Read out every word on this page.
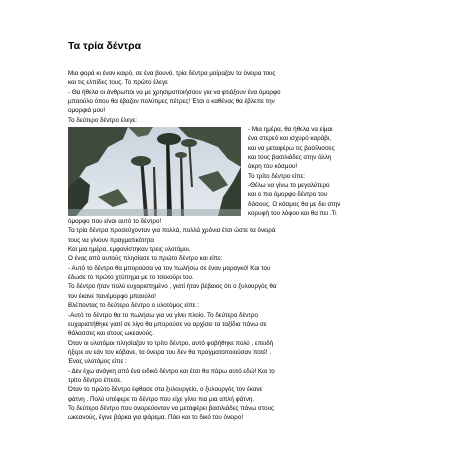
Τα τρία δέντρα
Μια φορά κι έναν καιρό, σε ένα βουνό, τρία δέντρα μοίραζαν τα όνειρα τους
και τις ελπίδες τους. Το πρώτο έλεγε
- Θα ήθελα οι άνθρωποι να με χρησιμοποιήσουν για να φτιάξουν ένα όμορφο
μπαούλο όπου θα έβαζαν πολύτιμες πέτρες! Έτσι ο καθένας θα έβλεπε την
ομορφιά μου!
Το δεύτερο δέντρο έλεγε:
- Μια ημέρα, θα ήθελα να είμαι
ένα στερεό και ισχυρό καράβι,
και να μεταφέρω τις βασίλισσες
και τους βασιλιάδες στην άλλη
άκρη του κόσμου!
Το τρίτο δέντρο είπε:
-Θέλω να γίνω το μεγαλύτερο
και ο πιο όμορφο δέντρο του
δάσους. Ο κόσμος θα με δει στην
κορυφή του λόφου και θα πει .Τι
όμορφο που είναι αυτό το δέντρο!
Τα τρία δέντρα προσεύχονταν για πολλά, πολλά χρόνια έτσι ώστε τα όνειρά
τους να γίνουν πραγματικότητα
Και μια ημέρα, εμφανίστηκαν τρεις υλοτόμοι.
Ο ένας από αυτούς πλησίασε το πρώτο δέντρο και είπε:
- Αυτό το δέντρο θα μπορούσα να τον πωλήσω σε έναν μαραγκό! Και του
έδωσε το πρώτο χτύπημα με το τσεκούρι του.
Το δέντρο ήταν πολύ ευχαριστημένο , γιατί ήταν βέβαιος ότι ο ξυλουργός θα
τον έκανε πανέμορφο μπαούλο!
Βλέποντας το δεύτερο δέντρο ο υλοτόμος είπε :
-Αυτό το δέντρο θα το πωλήσω για να γίνει πλοίο. Το δεύτερο δέντρο
ευχαριστήθηκε γιατί σε λίγο θα μπορούσε να αρχίσει τα ταξίδια πάνω σε
θάλασσες και στους ωκεανούς.
Όταν οι υλοτόμοι πλησίαζαν το τρίτο δέντρο, αυτό φοβήθηκε πολύ , επειδή
ήξερε αν εάν τον κόβανε, τα όνειρα του δεν θα πραγματοποιούσαν ποτέ! .
Ένας υλοτόμος είπε :
- Δεν έχω ανάγκη από ένα ειδικό δέντρο και έτσι θα πάρω αυτό εδώ! Και το
τρίτο δέντρο έπεσε.
Όταν το πρώτο δέντρο έφθασε στα ξυλουργείο, ο ξυλουργός τον έκανε
φάτνη . Πολύ υπέφερε το δέντρο που είχε γίνει πια μια απλή φάτνη.
Το δεύτερο δέντρο που ονειρεύονταν να μεταφέρει βασιλιάδες πάνω στους
ωκεανούς, έγινε βάρκα για ψάρεμα. Πάει και το δικό του όνειρο!
